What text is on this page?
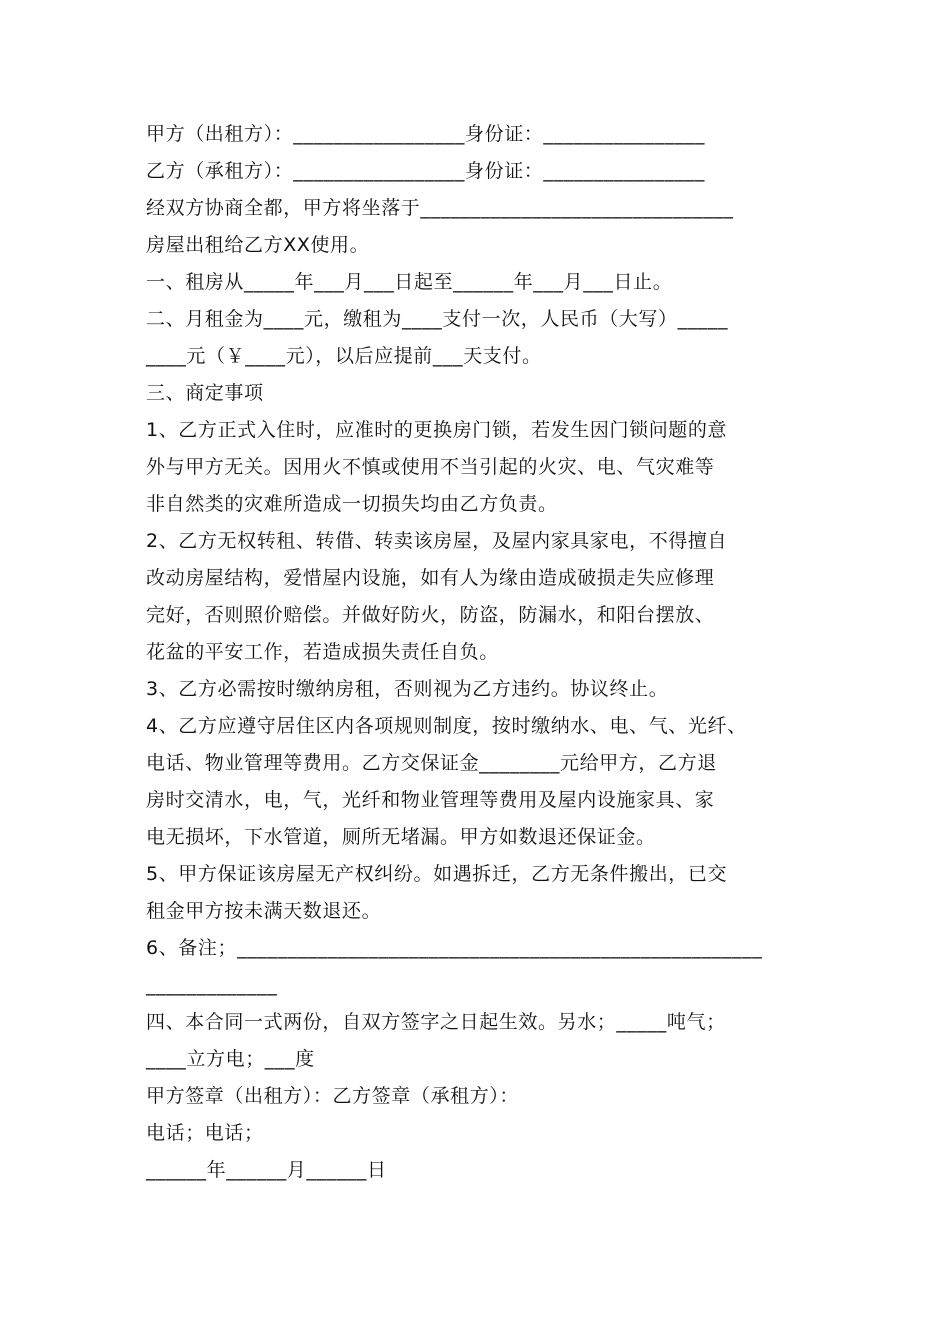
甲方（出租方）：_________________身份证：________________
乙方（承租方）：_________________身份证：________________
经双方协商全都，甲方将坐落于_______________________________
房屋出租给乙方XX使用。
一、租房从_____年___月___日起至______年___月___日止。
二、月租金为____元，缴租为____支付一次，人民币（大写）_____
____元（￥____元），以后应提前___天支付。
三、商定事项
1、乙方正式入住时，应准时的更换房门锁，若发生因门锁问题的意
外与甲方无关。因用火不慎或使用不当引起的火灾、电、气灾难等
非自然类的灾难所造成一切损失均由乙方负责。
2、乙方无权转租、转借、转卖该房屋，及屋内家具家电，不得擅自
改动房屋结构，爱惜屋内设施，如有人为缘由造成破损走失应修理
完好，否则照价赔偿。并做好防火，防盗，防漏水，和阳台摆放、
花盆的平安工作，若造成损失责任自负。
3、乙方必需按时缴纳房租，否则视为乙方违约。协议终止。
4、乙方应遵守居住区内各项规则制度，按时缴纳水、电、气、光纤、
电话、物业管理等费用。乙方交保证金________元给甲方，乙方退
房时交清水，电，气，光纤和物业管理等费用及屋内设施家具、家
电无损坏，下水管道，厕所无堵漏。甲方如数退还保证金。
5、甲方保证该房屋无产权纠纷。如遇拆迁，乙方无条件搬出，已交
租金甲方按未满天数退还。
6、备注；____________________________________________________
_____________
四、本合同一式两份，自双方签字之日起生效。另水；_____吨气；
____立方电；___度
甲方签章（出租方）：乙方签章（承租方）：
电话；电话；
______年______月______日
